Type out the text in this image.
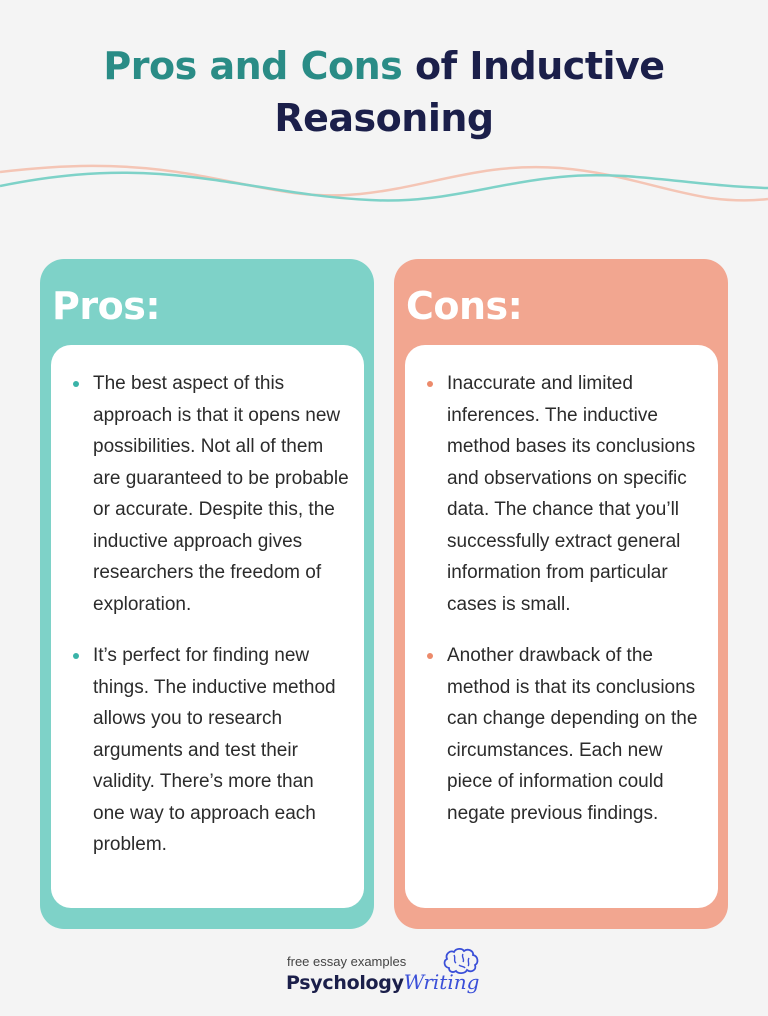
Pros and Cons of Inductive Reasoning
Pros:
The best aspect of this approach is that it opens new possibilities. Not all of them are guaranteed to be probable or accurate. Despite this, the inductive approach gives researchers the freedom of exploration.
It’s perfect for finding new things. The inductive method allows you to research arguments and test their validity. There’s more than one way to approach each problem.
Cons:
Inaccurate and limited inferences. The inductive method bases its conclusions and observations on specific data. The chance that you’ll successfully extract general information from particular cases is small.
Another drawback of the method is that its conclusions can change depending on the circumstances. Each new piece of information could negate previous findings.
free essay examples
PsychologyWriting
